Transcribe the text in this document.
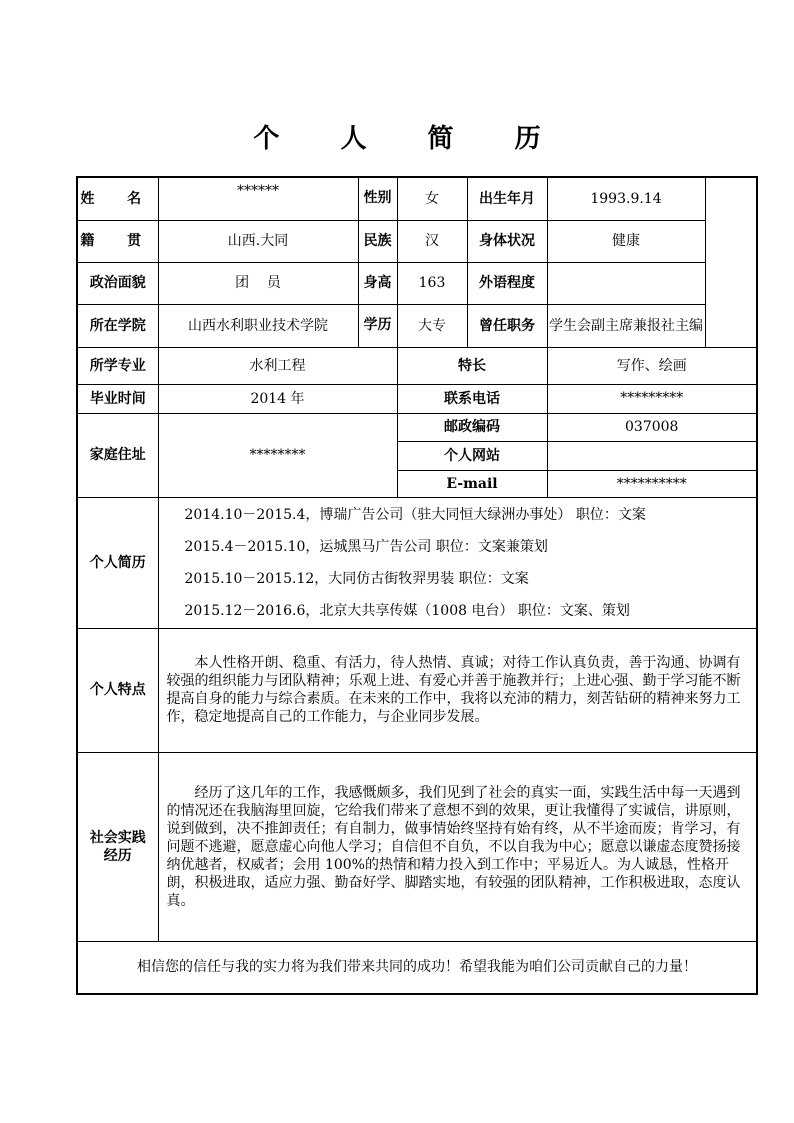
个 人 简 历
姓 名	******	性别	女	出生年月	1993.9.14	
籍 贯	山西.大同	民族	汉	身体状况	健康	
政治面貌	团    员	身高	163	外语程度		
所在学院	山西水利职业技术学院	学历	大专	曾任职务	学生会副主席兼报社主编	
所学专业	水利工程		特长		写作、绘画	
毕业时间	2014 年		联系电话		*********	
家庭住址	********		邮政编码		037008	
			个人网站			
			E-mail		**********	
个人简历	2014.10－2015.4，博瑞广告公司（驻大同恒大绿洲办事处） 职位：文案
2015.4－2015.10，运城黑马广告公司 职位：文案兼策划
2015.10－2015.12，大同仿古街牧羿男装 职位：文案
2015.12－2016.6，北京大共享传媒（1008 电台） 职位：文案、策划					

个人特点	本人性格开朗、稳重、有活力，待人热情、真诚；对待工作认真负责，善于沟通、协调有较强的组织能力与团队精神；乐观上进、有爱心并善于施教并行；上进心强、勤于学习能不断提高自身的能力与综合素质。在未来的工作中，我将以充沛的精力，刻苦钻研的精神来努力工作，稳定地提高自己的工作能力，与企业同步发展。					
社会实践
经历	经历了这几年的工作，我感慨颇多，我们见到了社会的真实一面，实践生活中每一天遇到的情况还在我脑海里回旋，它给我们带来了意想不到的效果，更让我懂得了实诚信，讲原则，说到做到，决不推卸责任；有自制力，做事情始终坚持有始有终，从不半途而废；肯学习，有问题不逃避，愿意虚心向他人学习；自信但不自负，不以自我为中心；愿意以谦虚态度赞扬接纳优越者，权威者；会用 100%的热情和精力投入到工作中；平易近人。为人诚恳，性格开朗，积极进取，适应力强、勤奋好学、脚踏实地，有较强的团队精神，工作积极进取，态度认真。					
相信您的信任与我的实力将为我们带来共同的成功！希望我能为咱们公司贡献自己的力量！						
